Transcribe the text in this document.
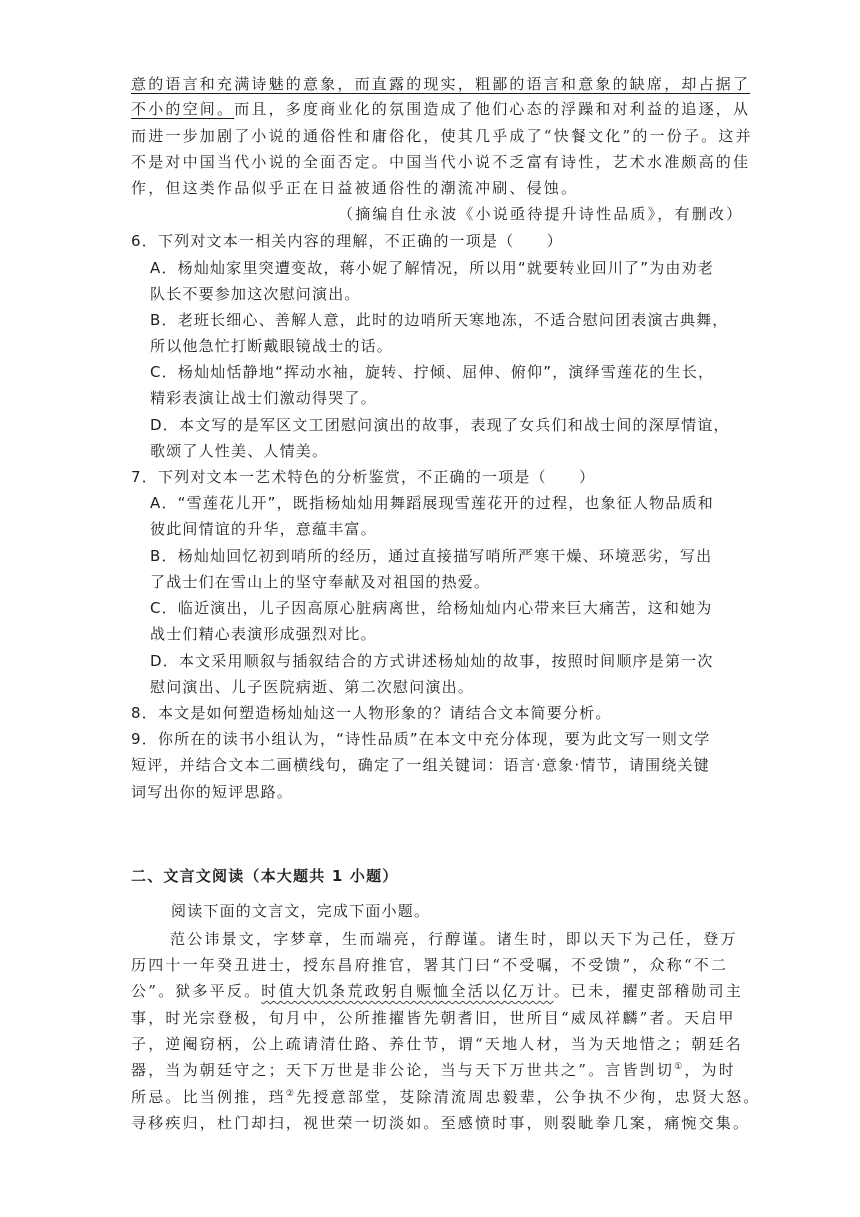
意的语言和充满诗魅的意象，而直露的现实，粗鄙的语言和意象的缺席，却占据了
不小的空间。而且，多度商业化的氛围造成了他们心态的浮躁和对利益的追逐，从
而进一步加剧了小说的通俗性和庸俗化，使其几乎成了“快餐文化”的一份子。这并
不是对中国当代小说的全面否定。中国当代小说不乏富有诗性，艺术水准颇高的佳
作，但这类作品似乎正在日益被通俗性的潮流冲刷、侵蚀。
（摘编自仕永波《小说亟待提升诗性品质》，有删改）
6．下列对文本一相关内容的理解，不正确的一项是（　　）
A．杨灿灿家里突遭变故，蒋小妮了解情况，所以用“就要转业回川了”为由劝老
队长不要参加这次慰问演出。
B．老班长细心、善解人意，此时的边哨所天寒地冻，不适合慰问团表演古典舞，
所以他急忙打断戴眼镜战士的话。
C．杨灿灿恬静地“挥动水袖，旋转、拧倾、屈伸、俯仰”，演绎雪莲花的生长，
精彩表演让战士们激动得哭了。
D．本文写的是军区文工团慰问演出的故事，表现了女兵们和战士间的深厚情谊，
歌颂了人性美、人情美。
7．下列对文本一艺术特色的分析鉴赏，不正确的一项是（　　）
A．“雪莲花儿开”，既指杨灿灿用舞蹈展现雪莲花开的过程，也象征人物品质和
彼此间情谊的升华，意蕴丰富。
B．杨灿灿回忆初到哨所的经历，通过直接描写哨所严寒干燥、环境恶劣，写出
了战士们在雪山上的坚守奉献及对祖国的热爱。
C．临近演出，儿子因高原心脏病离世，给杨灿灿内心带来巨大痛苦，这和她为
战士们精心表演形成强烈对比。
D．本文采用顺叙与插叙结合的方式讲述杨灿灿的故事，按照时间顺序是第一次
慰问演出、儿子医院病逝、第二次慰问演出。
8．本文是如何塑造杨灿灿这一人物形象的？请结合文本简要分析。
9．你所在的读书小组认为，“诗性品质”在本文中充分体现，要为此文写一则文学
短评，并结合文本二画横线句，确定了一组关键词：语言·意象·情节，请围绕关键
词写出你的短评思路。
二、文言文阅读（本大题共 1 小题）
阅读下面的文言文，完成下面小题。
范公讳景文，字梦章，生而端亮，行醇谨。诸生时，即以天下为己任，登万
历四十一年癸丑进士，授东昌府推官，署其门曰“不受嘱，不受馈”，众称“不二
公”。狱多平反。时值大饥条荒政躬自赈恤全活以亿万计。已未，擢吏部稽勋司主
事，时光宗登极，旬月中，公所推擢皆先朝耆旧，世所目“威凤祥麟”者。天启甲
子，逆阉窃柄，公上疏请清仕路、养仕节，谓“天地人材，当为天地惜之；朝廷名
器，当为朝廷守之；天下万世是非公论，当与天下万世共之”。言皆剀切①，为时
所忌。比当例推，珰②先授意部堂，芟除清流周忠毅辈，公争执不少徇，忠贤大怒。
寻移疾归，杜门却扫，视世荣一切淡如。至感愤时事，则裂眦拳几案，痛惋交集。
